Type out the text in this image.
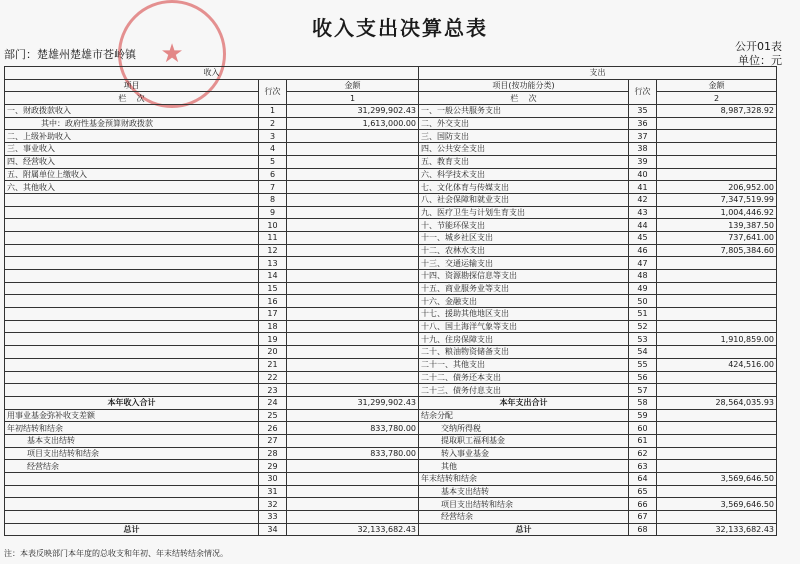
★
收入支出决算总表
公开01表
单位：元
部门：楚雄州楚雄市苍岭镇
收入			支出		
项目	行次	金额	项目(按功能分类)	行次	金额
栏 次		1	栏 次		2
一、财政拨款收入	1	31,299,902.43	一、一般公共服务支出	35	8,987,328.92
其中：政府性基金预算财政拨款	2	1,613,000.00	二、外交支出	36	
二、上级补助收入	3		三、国防支出	37	
三、事业收入	4		四、公共安全支出	38	
四、经营收入	5		五、教育支出	39	
五、附属单位上缴收入	6		六、科学技术支出	40	
六、其他收入	7		七、文化体育与传媒支出	41	206,952.00
	8		八、社会保障和就业支出	42	7,347,519.99
	9		九、医疗卫生与计划生育支出	43	1,004,446.92
	10		十、节能环保支出	44	139,387.50
	11		十一、城乡社区支出	45	737,641.00
	12		十二、农林水支出	46	7,805,384.60
	13		十三、交通运输支出	47	
	14		十四、资源勘探信息等支出	48	
	15		十五、商业服务业等支出	49	
	16		十六、金融支出	50	
	17		十七、援助其他地区支出	51	
	18		十八、国土海洋气象等支出	52	
	19		十九、住房保障支出	53	1,910,859.00
	20		二十、粮油物资储备支出	54	
	21		二十一、其他支出	55	424,516.00
	22		二十二、债务还本支出	56	
	23		二十三、债务付息支出	57	
本年收入合计	24	31,299,902.43	本年支出合计	58	28,564,035.93
用事业基金弥补收支差额	25		结余分配	59	
年初结转和结余	26	833,780.00	交纳所得税	60	
基本支出结转	27		提取职工福利基金	61	
项目支出结转和结余	28	833,780.00	转入事业基金	62	
经营结余	29		其他	63	
	30		年末结转和结余	64	3,569,646.50
	31		基本支出结转	65	
	32		项目支出结转和结余	66	3,569,646.50
	33		经营结余	67	
总计	34	32,133,682.43	总计	68	32,133,682.43
注：本表反映部门本年度的总收支和年初、年末结转结余情况。
